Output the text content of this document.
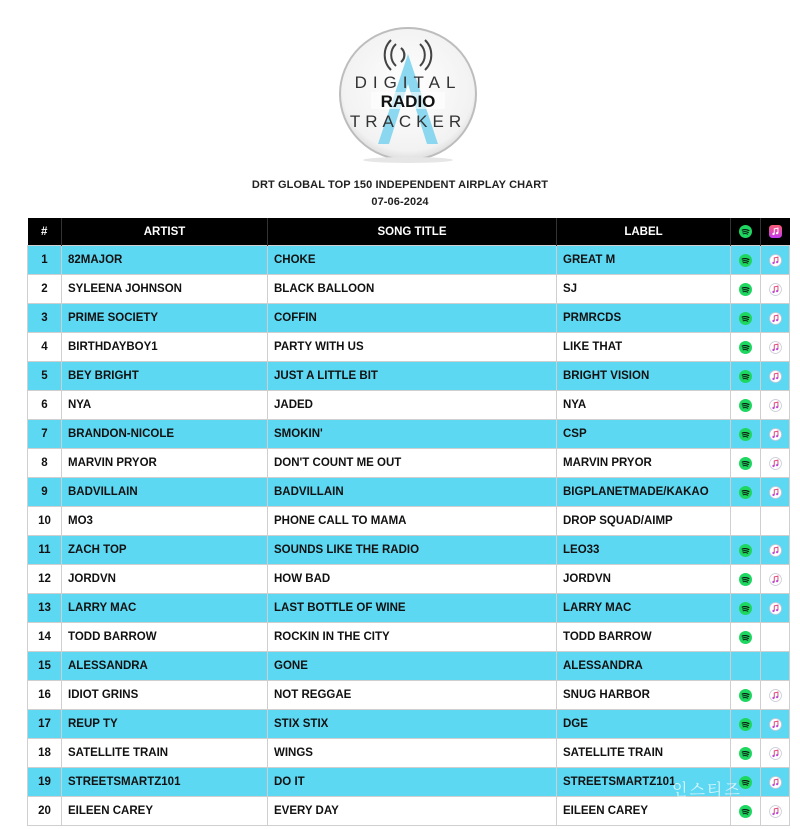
DIGITAL
RADIO
TRACKER
DRT GLOBAL TOP 150 INDEPENDENT AIRPLAY CHART
07-06-2024
#	ARTIST	SONG TITLE	LABEL		
1	82MAJOR	CHOKE	GREAT M		
2	SYLEENA JOHNSON	BLACK BALLOON	SJ		
3	PRIME SOCIETY	COFFIN	PRMRCDS		
4	BIRTHDAYBOY1	PARTY WITH US	LIKE THAT		
5	BEY BRIGHT	JUST A LITTLE BIT	BRIGHT VISION		
6	NYA	JADED	NYA		
7	BRANDON-NICOLE	SMOKIN'	CSP		
8	MARVIN PRYOR	DON'T COUNT ME OUT	MARVIN PRYOR		
9	BADVILLAIN	BADVILLAIN	BIGPLANETMADE/KAKAO		
10	MO3	PHONE CALL TO MAMA	DROP SQUAD/AIMP		
11	ZACH TOP	SOUNDS LIKE THE RADIO	LEO33		
12	JORDVN	HOW BAD	JORDVN		
13	LARRY MAC	LAST BOTTLE OF WINE	LARRY MAC		
14	TODD BARROW	ROCKIN IN THE CITY	TODD BARROW		
15	ALESSANDRA	GONE	ALESSANDRA		
16	IDIOT GRINS	NOT REGGAE	SNUG HARBOR		
17	REUP TY	STIX STIX	DGE		
18	SATELLITE TRAIN	WINGS	SATELLITE TRAIN		
19	STREETSMARTZ101	DO IT	STREETSMARTZ101		
20	EILEEN CAREY	EVERY DAY	EILEEN CAREY		
인스티즈
